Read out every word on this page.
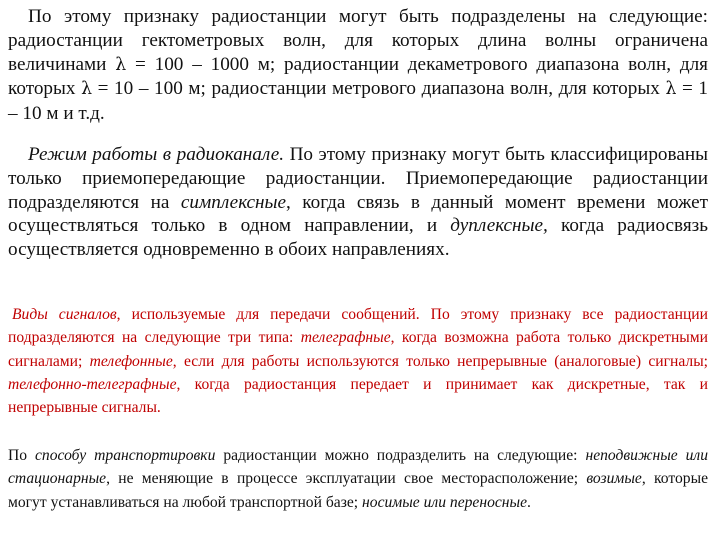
По этому признаку радиостанции могут быть подразделены на следующие: радиостанции гектометровых волн, для которых длина волны ограничена величинами λ = 100 – 1000 м; радиостанции декаметрового диапазона волн, для которых λ = 10 – 100 м; радиостанции метрового диапазона волн, для которых λ = 1 – 10 м и т.д.

Режим работы в радиоканале. По этому признаку могут быть классифицированы только приемопередающие радиостанции. Приемопередающие радиостанции подразделяются на симплексные, когда связь в данный момент времени может осуществляться только в одном направлении, и дуплексные, когда радиосвязь осуществляется одновременно в обоих направлениях.

Виды сигналов, используемые для передачи сообщений. По этому признаку все радиостанции подразделяются на следующие три типа: телеграфные, когда возможна работа только дискретными сигналами; телефонные, если для работы используются только непрерывные (аналоговые) сигналы; телефонно-телеграфные, когда радиостанция передает и принимает как дискретные, так и непрерывные сигналы.

По способу транспортировки радиостанции можно подразделить на следующие: неподвижные или стационарные, не меняющие в процессе эксплуатации свое месторасположение; возимые, которые могут устанавливаться на любой транспортной базе; носимые или переносные.
